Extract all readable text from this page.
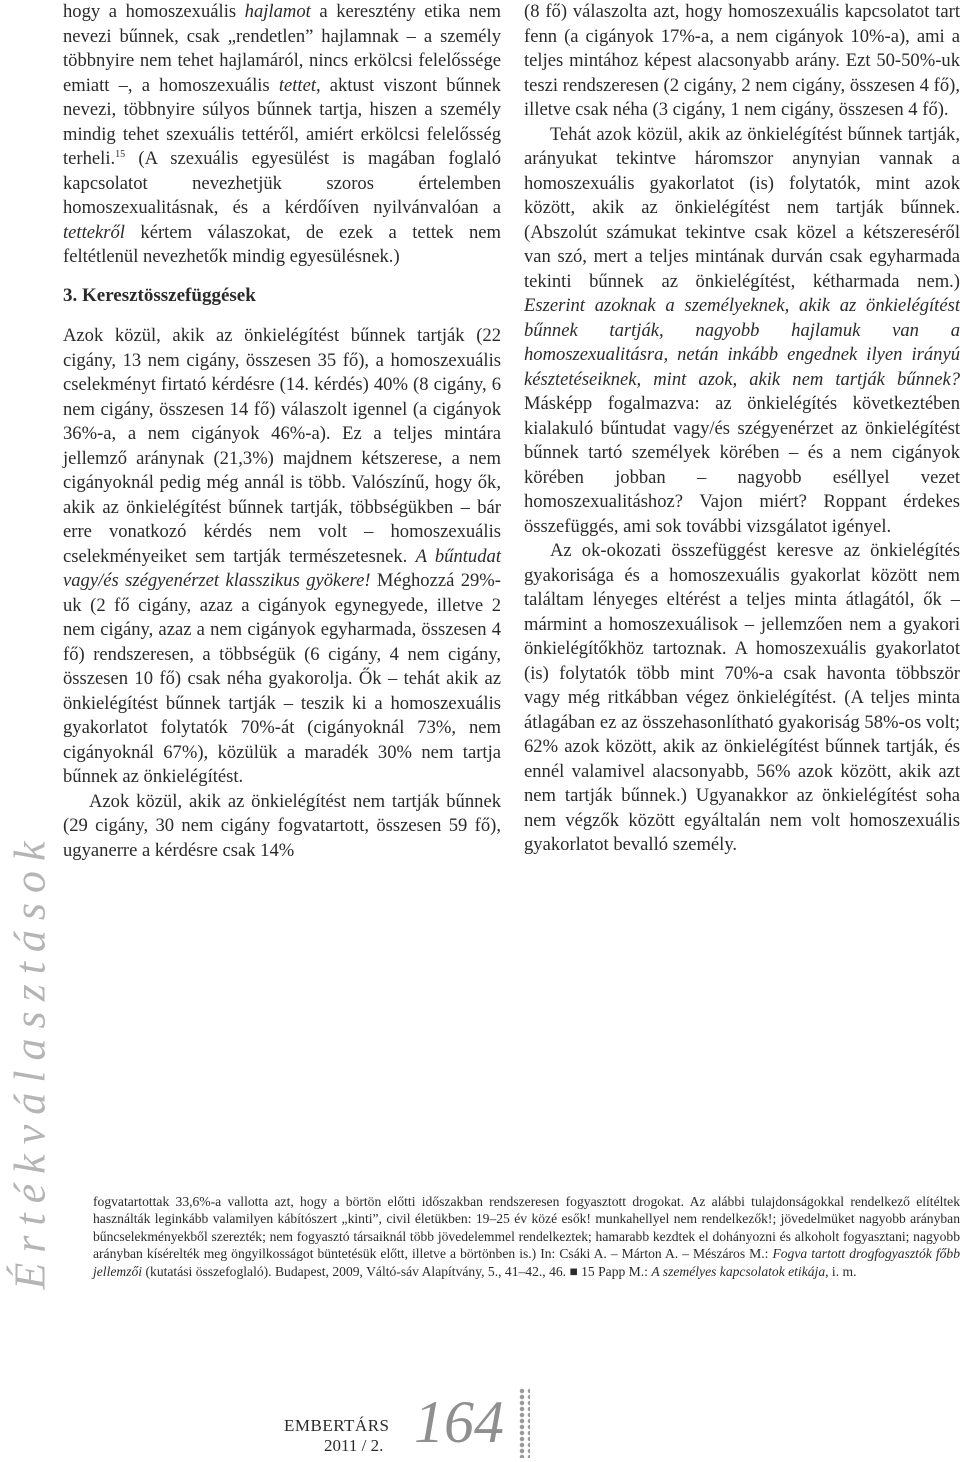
Értékválasztások

hogy a homoszexuális hajlamot a keresztény etika nem nevezi bűnnek, csak „rendetlen” hajlamnak – a személy többnyire nem tehet hajlamáról, nincs erkölcsi felelőssége emiatt –, a homoszexuális tettet, aktust viszont bűnnek nevezi, többnyire súlyos bűnnek tartja, hiszen a személy mindig tehet szexuális tettéről, amiért erkölcsi felelősség terheli.$^{15}$ (A szexuális egyesülést is magában foglaló kapcsolatot nevezhetjük szoros értelemben homoszexualitásnak, és a kérdőíven nyilvánvalóan a tettekről kértem válaszokat, de ezek a tettek nem feltétlenül nevezhetők mindig egyesülésnek.)

3. Keresztösszefüggések

Azok közül, akik az önkielégítést bűnnek tartják (22 cigány, 13 nem cigány, összesen 35 fő), a homoszexuális cselekményt firtató kérdésre (14. kérdés) 40% (8 cigány, 6 nem cigány, összesen 14 fő) válaszolt igennel (a cigányok 36%-a, a nem cigányok 46%-a). Ez a teljes mintára jellemző aránynak (21,3%) majdnem kétszerese, a nem cigányoknál pedig még annál is több. Valószínű, hogy ők, akik az önkielégítést bűnnek tartják, többségükben – bár erre vonatkozó kérdés nem volt – homoszexuális cselekményeiket sem tartják természetesnek. A bűntudat vagy/és szégyenérzet klasszikus gyökere! Méghozzá 29%-uk (2 fő cigány, azaz a cigányok egynegyede, illetve 2 nem cigány, azaz a nem cigányok egyharmada, összesen 4 fő) rendszeresen, a többségük (6 cigány, 4 nem cigány, összesen 10 fő) csak néha gyakorolja. Ők – tehát akik az önkielégítést bűnnek tartják – teszik ki a homoszexuális gyakorlatot folytatók 70%-át (cigányoknál 73%, nem cigányoknál 67%), közülük a maradék 30% nem tartja bűnnek az önkielégítést.

Azok közül, akik az önkielégítést nem tartják bűnnek (29 cigány, 30 nem cigány fogvatartott, összesen 59 fő), ugyanerre a kérdésre csak 14%

(8 fő) válaszolta azt, hogy homoszexuális kapcsolatot tart fenn (a cigányok 17%-a, a nem cigányok 10%-a), ami a teljes mintához képest alacsonyabb arány. Ezt 50-50%-uk teszi rendszeresen (2 cigány, 2 nem cigány, összesen 4 fő), illetve csak néha (3 cigány, 1 nem cigány, összesen 4 fő).

Tehát azok közül, akik az önkielégítést bűnnek tartják, arányukat tekintve háromszor anynyian vannak a homoszexuális gyakorlatot (is) folytatók, mint azok között, akik az önkielégítést nem tartják bűnnek. (Abszolút számukat tekintve csak közel a kétszereséről van szó, mert a teljes mintának durván csak egyharmada tekinti bűnnek az önkielégítést, kétharmada nem.) Eszerint azoknak a személyeknek, akik az önkielégítést bűnnek tartják, nagyobb hajlamuk van a homoszexualitásra, netán inkább engednek ilyen irányú késztetéseiknek, mint azok, akik nem tartják bűnnek? Másképp fogalmazva: az önkielégítés következtében kialakuló bűntudat vagy/és szégyenérzet az önkielégítést bűnnek tartó személyek körében – és a nem cigányok körében jobban – nagyobb eséllyel vezet homoszexualitáshoz? Vajon miért? Roppant érdekes összefüggés, ami sok további vizsgálatot igényel.

Az ok-okozati összefüggést keresve az önkielégítés gyakorisága és a homoszexuális gyakorlat között nem találtam lényeges eltérést a teljes minta átlagától, ők – mármint a homoszexuálisok – jellemzően nem a gyakori önkielégítőkhöz tartoznak. A homoszexuális gyakorlatot (is) folytatók több mint 70%-a csak havonta többször vagy még ritkábban végez önkielégítést. (A teljes minta átlagában ez az összehasonlítható gyakoriság 58%-os volt; 62% azok között, akik az önkielégítést bűnnek tartják, és ennél valamivel alacsonyabb, 56% azok között, akik azt nem tartják bűnnek.) Ugyanakkor az önkielégítést soha nem végzők között egyáltalán nem volt homoszexuális gyakorlatot bevalló személy.

fogvatartottak 33,6%-a vallotta azt, hogy a börtön előtti időszakban rendszeresen fogyasztott drogokat. Az alábbi tulajdonságokkal rendelkező elítéltek használták leginkább valamilyen kábítószert „kinti”, civil életükben: 19–25 év közé esők! munkahellyel nem rendelkezők!; jövedelmüket nagyobb arányban bűncselekményekből szerezték; nem fogyasztó társaiknál több jövedelemmel rendelkeztek; hamarabb kezdtek el dohányozni és alkoholt fogyasztani; nagyobb arányban kísérelték meg öngyilkosságot büntetésük előtt, illetve a börtönben is.) In: Csáki A. – Márton A. – Mészáros M.: Fogva tartott drogfogyasztók főbb jellemzői (kutatási összefoglaló). Budapest, 2009, Váltó-sáv Alapítvány, 5., 41–42., 46. ■ 15 Papp M.: A személyes kapcsolatok etikája, i. m.
EMBERTÁRS
2011 / 2. 164
